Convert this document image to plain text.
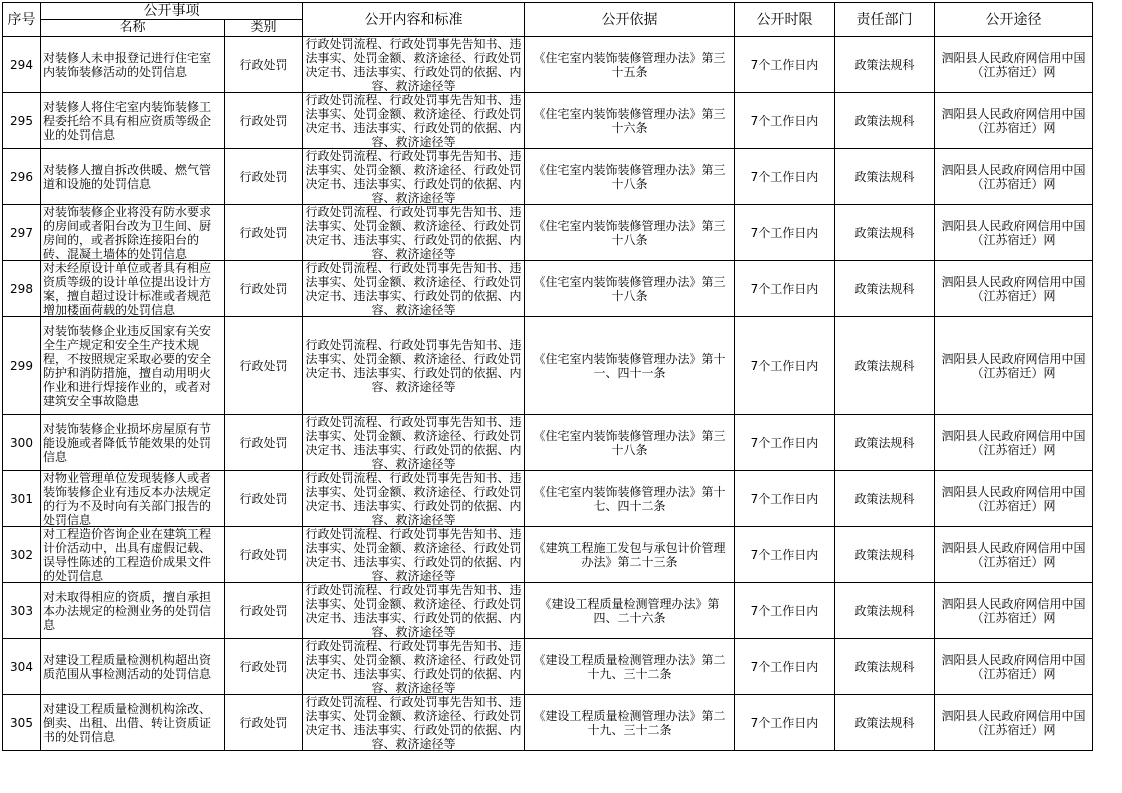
序号	公开事项		公开内容和标准	公开依据	公开时限	责任部门	公开途径
	名称	类别					

294	对装修人未申报登记进行住宅室内装饰装修活动的处罚信息	行政处罚	行政处罚流程、行政处罚事先告知书、违法事实、处罚金额、救济途径、行政处罚决定书、违法事实、行政处罚的依据、内容、救济途径等	《住宅室内装饰装修管理办法》第三十五条	7个工作日内	政策法规科	泗阳县人民政府网信用中国（江苏宿迁）网

295	对装修人将住宅室内装饰装修工程委托给不具有相应资质等级企业的处罚信息	行政处罚	行政处罚流程、行政处罚事先告知书、违法事实、处罚金额、救济途径、行政处罚决定书、违法事实、行政处罚的依据、内容、救济途径等	《住宅室内装饰装修管理办法》第三十六条	7个工作日内	政策法规科	泗阳县人民政府网信用中国（江苏宿迁）网

296	对装修人擅自拆改供暖、燃气管道和设施的处罚信息	行政处罚	行政处罚流程、行政处罚事先告知书、违法事实、处罚金额、救济途径、行政处罚决定书、违法事实、行政处罚的依据、内容、救济途径等	《住宅室内装饰装修管理办法》第三十八条	7个工作日内	政策法规科	泗阳县人民政府网信用中国（江苏宿迁）网

297	对装饰装修企业将没有防水要求的房间或者阳台改为卫生间、厨房间的，或者拆除连接阳台的砖、混凝土墙体的处罚信息	行政处罚	行政处罚流程、行政处罚事先告知书、违法事实、处罚金额、救济途径、行政处罚决定书、违法事实、行政处罚的依据、内容、救济途径等	《住宅室内装饰装修管理办法》第三十八条	7个工作日内	政策法规科	泗阳县人民政府网信用中国（江苏宿迁）网

298	对未经原设计单位或者具有相应资质等级的设计单位提出设计方案，擅自超过设计标准或者规范增加楼面荷载的处罚信息	行政处罚	行政处罚流程、行政处罚事先告知书、违法事实、处罚金额、救济途径、行政处罚决定书、违法事实、行政处罚的依据、内容、救济途径等	《住宅室内装饰装修管理办法》第三十八条	7个工作日内	政策法规科	泗阳县人民政府网信用中国（江苏宿迁）网

299	对装饰装修企业违反国家有关安全生产规定和安全生产技术规程，不按照规定采取必要的安全防护和消防措施，擅自动用明火作业和进行焊接作业的，或者对建筑安全事故隐患	行政处罚	行政处罚流程、行政处罚事先告知书、违法事实、处罚金额、救济途径、行政处罚决定书、违法事实、行政处罚的依据、内容、救济途径等	《住宅室内装饰装修管理办法》第十一、四十一条	7个工作日内	政策法规科	泗阳县人民政府网信用中国（江苏宿迁）网

300	对装饰装修企业损坏房屋原有节能设施或者降低节能效果的处罚信息	行政处罚	行政处罚流程、行政处罚事先告知书、违法事实、处罚金额、救济途径、行政处罚决定书、违法事实、行政处罚的依据、内容、救济途径等	《住宅室内装饰装修管理办法》第三十八条	7个工作日内	政策法规科	泗阳县人民政府网信用中国（江苏宿迁）网

301	对物业管理单位发现装修人或者装饰装修企业有违反本办法规定的行为不及时向有关部门报告的处罚信息	行政处罚	行政处罚流程、行政处罚事先告知书、违法事实、处罚金额、救济途径、行政处罚决定书、违法事实、行政处罚的依据、内容、救济途径等	《住宅室内装饰装修管理办法》第十七、四十二条	7个工作日内	政策法规科	泗阳县人民政府网信用中国（江苏宿迁）网

302	对工程造价咨询企业在建筑工程计价活动中，出具有虚假记载、误导性陈述的工程造价成果文件的处罚信息	行政处罚	行政处罚流程、行政处罚事先告知书、违法事实、处罚金额、救济途径、行政处罚决定书、违法事实、行政处罚的依据、内容、救济途径等	《建筑工程施工发包与承包计价管理办法》第二十三条	7个工作日内	政策法规科	泗阳县人民政府网信用中国（江苏宿迁）网

303	对未取得相应的资质，擅自承担本办法规定的检测业务的处罚信息	行政处罚	行政处罚流程、行政处罚事先告知书、违法事实、处罚金额、救济途径、行政处罚决定书、违法事实、行政处罚的依据、内容、救济途径等	《建设工程质量检测管理办法》第四、二十六条	7个工作日内	政策法规科	泗阳县人民政府网信用中国（江苏宿迁）网

304	对建设工程质量检测机构超出资质范围从事检测活动的处罚信息	行政处罚	行政处罚流程、行政处罚事先告知书、违法事实、处罚金额、救济途径、行政处罚决定书、违法事实、行政处罚的依据、内容、救济途径等	《建设工程质量检测管理办法》第二十九、三十二条	7个工作日内	政策法规科	泗阳县人民政府网信用中国（江苏宿迁）网

305	对建设工程质量检测机构涂改、倒卖、出租、出借、转让资质证书的处罚信息	行政处罚	行政处罚流程、行政处罚事先告知书、违法事实、处罚金额、救济途径、行政处罚决定书、违法事实、行政处罚的依据、内容、救济途径等	《建设工程质量检测管理办法》第二十九、三十二条	7个工作日内	政策法规科	泗阳县人民政府网信用中国（江苏宿迁）网
